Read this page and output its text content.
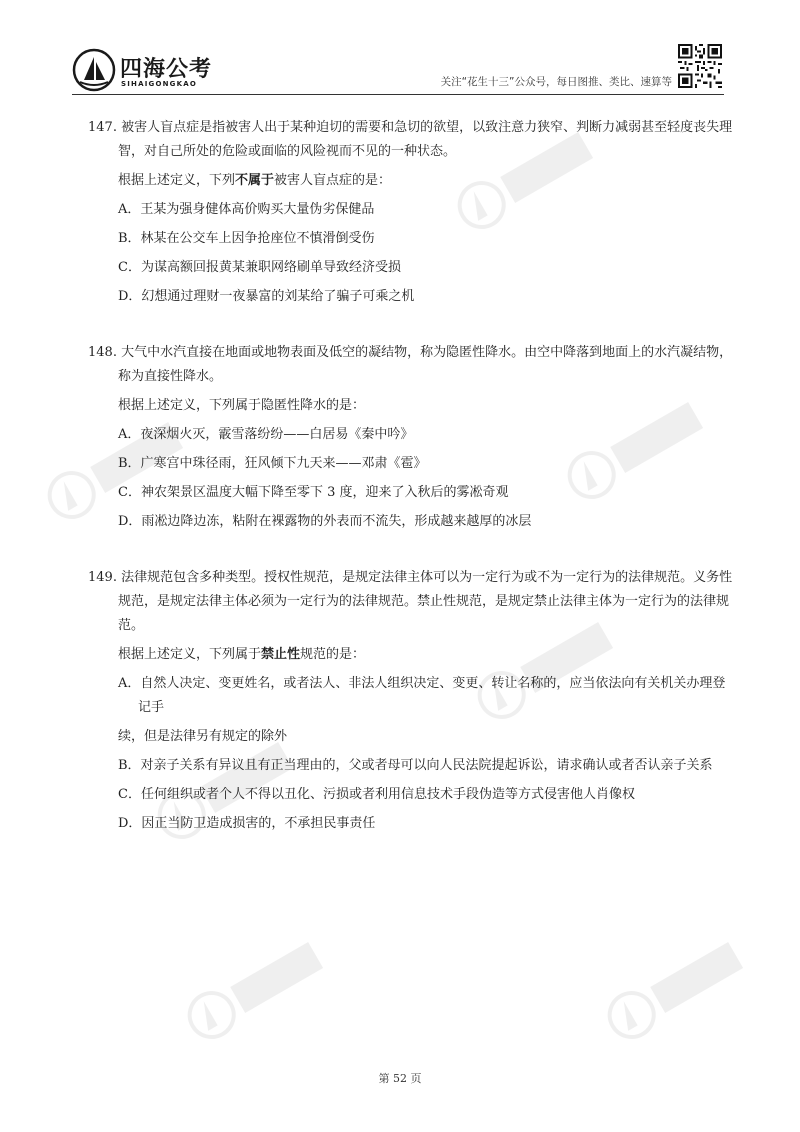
四海公考
SIHAIGONGKAO	关注“花生十三”公众号，每日图推、类比、速算等

147. 被害人盲点症是指被害人出于某种迫切的需要和急切的欲望，以致注意力狭窄、判断力减弱甚至轻度丧失理智，对自己所处的危险或面临的风险视而不见的一种状态。

根据上述定义，下列不属于被害人盲点症的是：

A．王某为强身健体高价购买大量伪劣保健品

B．林某在公交车上因争抢座位不慎滑倒受伤

C．为谋高额回报黄某兼职网络刷单导致经济受损

D．幻想通过理财一夜暴富的刘某给了骗子可乘之机

148. 大气中水汽直接在地面或地物表面及低空的凝结物，称为隐匿性降水。由空中降落到地面上的水汽凝结物，称为直接性降水。

根据上述定义，下列属于隐匿性降水的是：

A．夜深烟火灭，霰雪落纷纷——白居易《秦中吟》

B．广寒宫中珠径雨，狂风倾下九天来——邓肃《雹》

C．神农架景区温度大幅下降至零下 3 度，迎来了入秋后的雾凇奇观

D．雨凇边降边冻，粘附在裸露物的外表而不流失，形成越来越厚的冰层

149. 法律规范包含多种类型。授权性规范，是规定法律主体可以为一定行为或不为一定行为的法律规范。义务性规范，是规定法律主体必须为一定行为的法律规范。禁止性规范，是规定禁止法律主体为一定行为的法律规范。

根据上述定义，下列属于禁止性规范的是：

A．自然人决定、变更姓名，或者法人、非法人组织决定、变更、转让名称的，应当依法向有关机关办理登记手

续，但是法律另有规定的除外

B．对亲子关系有异议且有正当理由的，父或者母可以向人民法院提起诉讼，请求确认或者否认亲子关系

C．任何组织或者个人不得以丑化、污损或者利用信息技术手段伪造等方式侵害他人肖像权

D．因正当防卫造成损害的，不承担民事责任

第 52 页
